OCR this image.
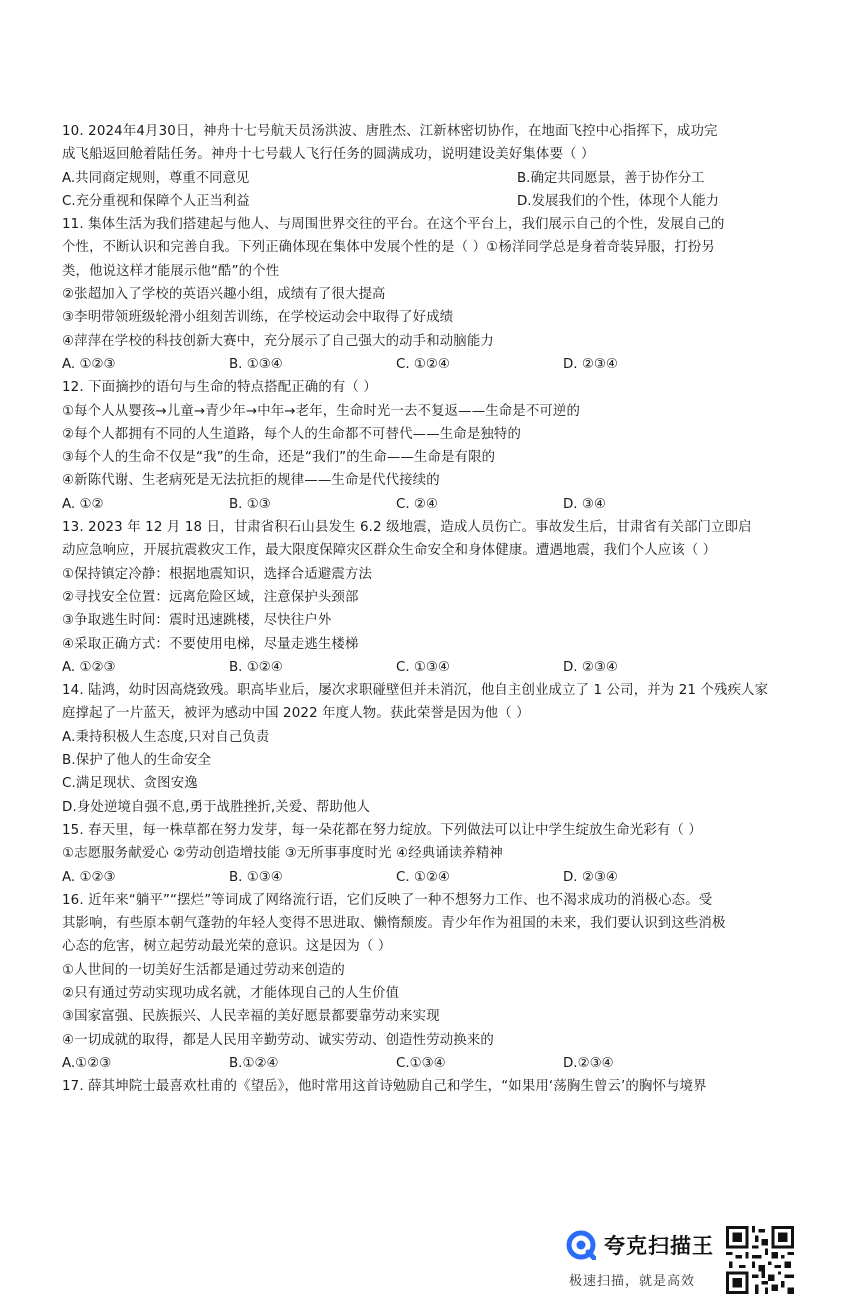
10. 2024年4月30日，神舟十七号航天员汤洪波、唐胜杰、江新林密切协作，在地面飞控中心指挥下，成功完
成飞船返回舱着陆任务。神舟十七号载人飞行任务的圆满成功，说明建设美好集体要（ ）
A.共同商定规则，尊重不同意见	B.确定共同愿景，善于协作分工
C.充分重视和保障个人正当利益	D.发展我们的个性，体现个人能力
11. 集体生活为我们搭建起与他人、与周围世界交往的平台。在这个平台上，我们展示自己的个性，发展自己的
个性，不断认识和完善自我。下列正确体现在集体中发展个性的是（ ）①杨洋同学总是身着奇装异服，打扮另
类，他说这样才能展示他“酷”的个性
②张超加入了学校的英语兴趣小组，成绩有了很大提高
③李明带领班级轮滑小组刻苦训练，在学校运动会中取得了好成绩
④萍萍在学校的科技创新大赛中，充分展示了自己强大的动手和动脑能力
A. ①②③	B. ①③④	C. ①②④	D. ②③④
12. 下面摘抄的语句与生命的特点搭配正确的有（ ）
①每个人从婴孩→儿童→青少年→中年→老年，生命时光一去不复返——生命是不可逆的
②每个人都拥有不同的人生道路，每个人的生命都不可替代——生命是独特的
③每个人的生命不仅是“我”的生命，还是“我们”的生命——生命是有限的
④新陈代谢、生老病死是无法抗拒的规律——生命是代代接续的
A. ①②	B. ①③	C. ②④	D. ③④
13. 2023 年 12 月 18 日，甘肃省积石山县发生 6.2 级地震，造成人员伤亡。事故发生后，甘肃省有关部门立即启
动应急响应，开展抗震救灾工作，最大限度保障灾区群众生命安全和身体健康。遭遇地震，我们个人应该（ ）
①保持镇定冷静：根据地震知识，选择合适避震方法
②寻找安全位置：远离危险区域，注意保护头颈部
③争取逃生时间：震时迅速跳楼，尽快往户外
④采取正确方式：不要使用电梯，尽量走逃生楼梯
A. ①②③	B. ①②④	C. ①③④	D. ②③④
14. 陆鸿，幼时因高烧致残。职高毕业后，屡次求职碰壁但并未消沉，他自主创业成立了 1 公司，并为 21 个残疾人家
庭撑起了一片蓝天，被评为感动中国 2022 年度人物。获此荣誉是因为他（ ）
A.秉持积极人生态度,只对自己负责
B.保护了他人的生命安全
C.满足现状、贪图安逸
D.身处逆境自强不息,勇于战胜挫折,关爱、帮助他人
15. 春天里，每一株草都在努力发芽，每一朵花都在努力绽放。下列做法可以让中学生绽放生命光彩有（ ）
①志愿服务献爱心 ②劳动创造增技能 ③无所事事度时光 ④经典诵读养精神
A. ①②③	B. ①③④	C. ①②④	D. ②③④
16. 近年来“躺平”“摆烂”等词成了网络流行语，它们反映了一种不想努力工作、也不渴求成功的消极心态。受
其影响，有些原本朝气蓬勃的年轻人变得不思进取、懒惰颓废。青少年作为祖国的未来，我们要认识到这些消极
心态的危害，树立起劳动最光荣的意识。这是因为（ ）
①人世间的一切美好生活都是通过劳动来创造的
②只有通过劳动实现功成名就，才能体现自己的人生价值
③国家富强、民族振兴、人民幸福的美好愿景都要靠劳动来实现
④一切成就的取得，都是人民用辛勤劳动、诚实劳动、创造性劳动换来的
A.①②③	B.①②④	C.①③④	D.②③④
17. 薛其坤院士最喜欢杜甫的《望岳》，他时常用这首诗勉励自己和学生，“如果用‘荡胸生曾云’的胸怀与境界
夸克扫描王
极速扫描，就是高效
